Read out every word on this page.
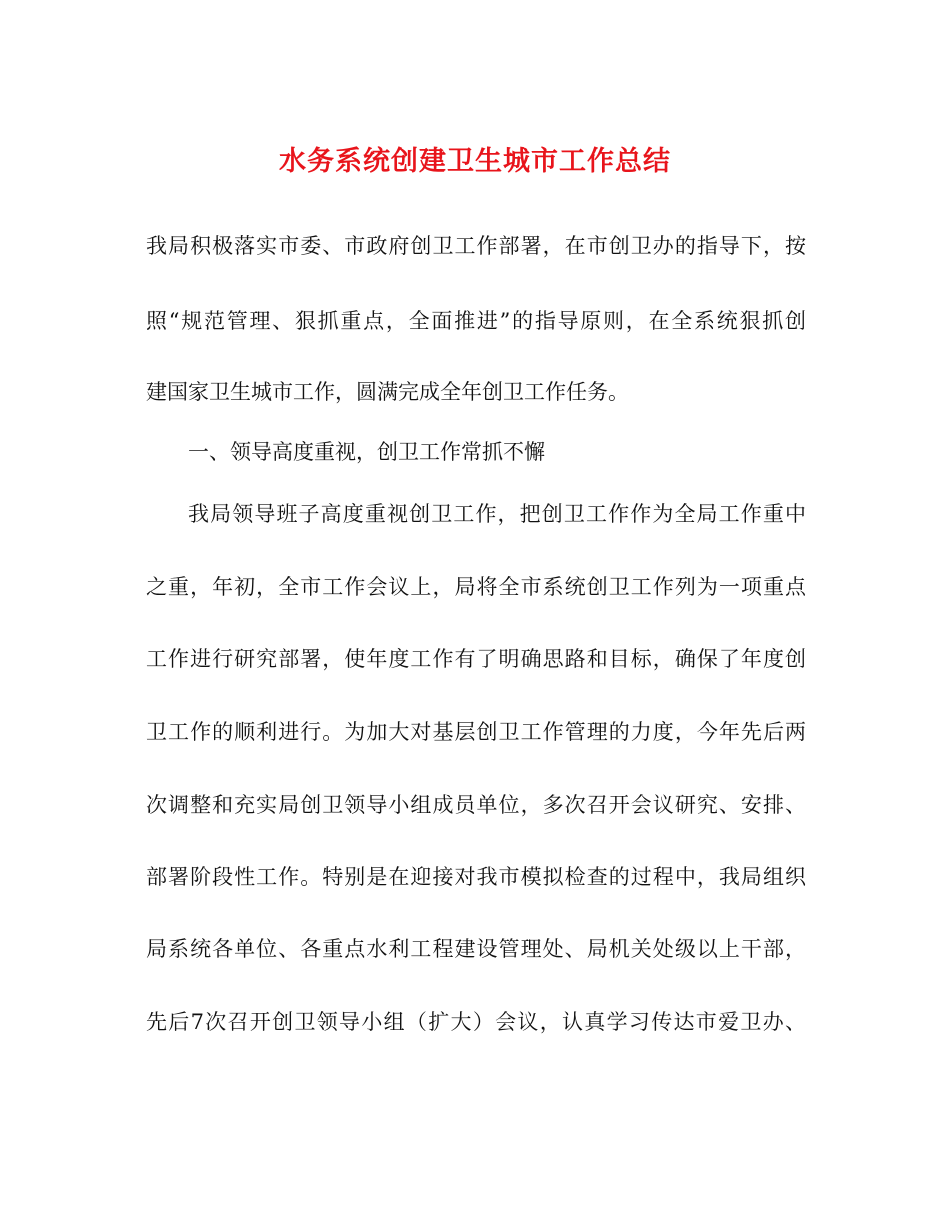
水务系统创建卫生城市工作总结

我局积极落实市委、市政府创卫工作部署，在市创卫办的指导下，按

照“规范管理、狠抓重点，全面推进”的指导原则，在全系统狠抓创

建国家卫生城市工作，圆满完成全年创卫工作任务。

一、领导高度重视，创卫工作常抓不懈

我局领导班子高度重视创卫工作，把创卫工作作为全局工作重中

之重，年初，全市工作会议上，局将全市系统创卫工作列为一项重点

工作进行研究部署，使年度工作有了明确思路和目标，确保了年度创

卫工作的顺利进行。为加大对基层创卫工作管理的力度，今年先后两

次调整和充实局创卫领导小组成员单位，多次召开会议研究、安排、

部署阶段性工作。特别是在迎接对我市模拟检查的过程中，我局组织

局系统各单位、各重点水利工程建设管理处、局机关处级以上干部，

先后7次召开创卫领导小组（扩大）会议，认真学习传达市爱卫办、
